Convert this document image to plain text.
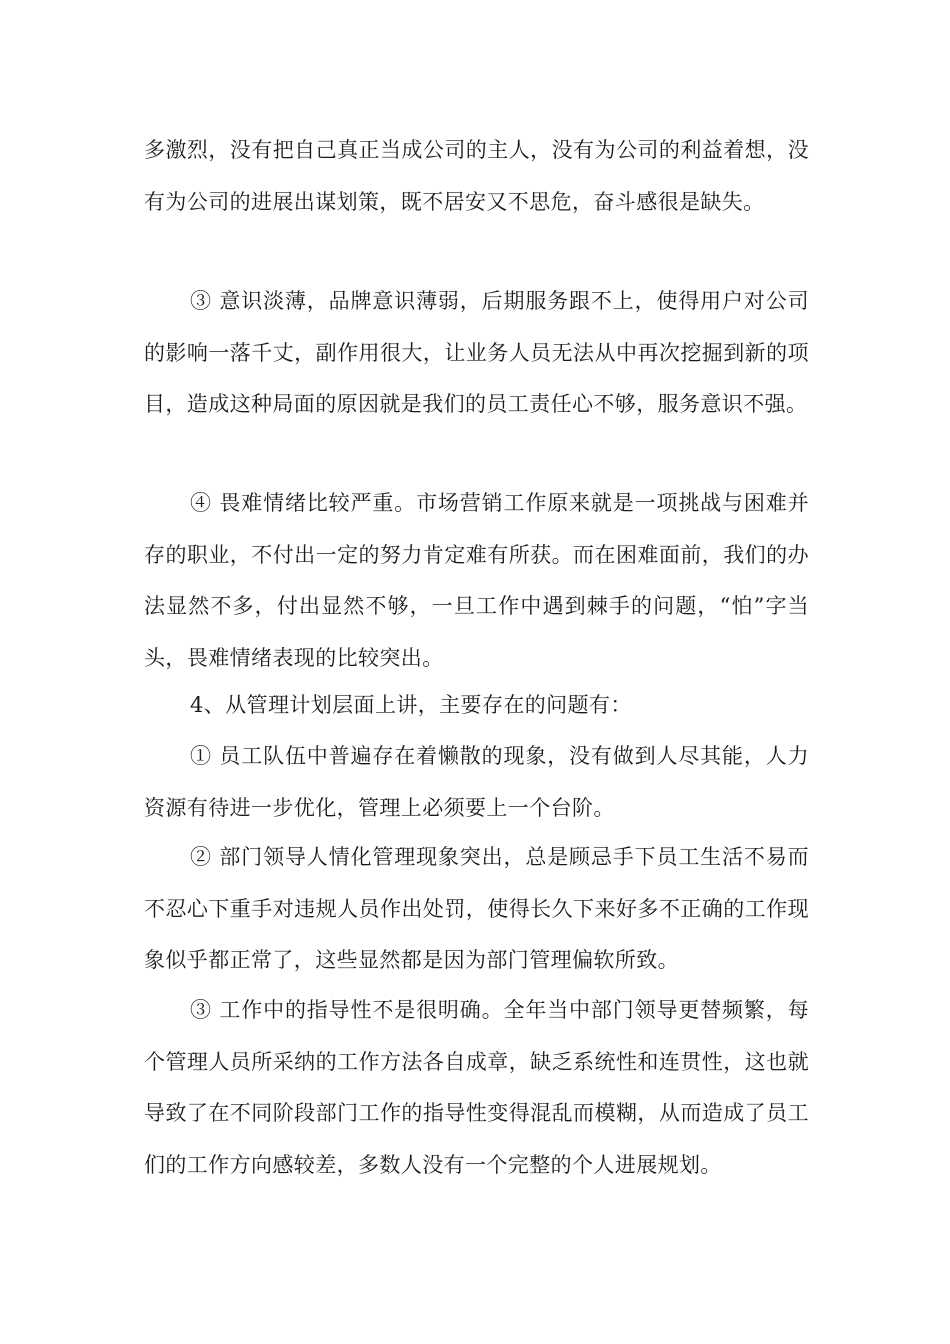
多激烈，没有把自己真正当成公司的主人，没有为公司的利益着想，没有为公司的进展出谋划策，既不居安又不思危，奋斗感很是缺失。

③ 意识淡薄，品牌意识薄弱，后期服务跟不上，使得用户对公司的影响一落千丈，副作用很大，让业务人员无法从中再次挖掘到新的项目，造成这种局面的原因就是我们的员工责任心不够，服务意识不强。

④ 畏难情绪比较严重。市场营销工作原来就是一项挑战与困难并存的职业，不付出一定的努力肯定难有所获。而在困难面前，我们的办法显然不多，付出显然不够，一旦工作中遇到棘手的问题，“怕”字当头，畏难情绪表现的比较突出。

4、从管理计划层面上讲，主要存在的问题有：

① 员工队伍中普遍存在着懒散的现象，没有做到人尽其能，人力资源有待进一步优化，管理上必须要上一个台阶。

② 部门领导人情化管理现象突出，总是顾忌手下员工生活不易而不忍心下重手对违规人员作出处罚，使得长久下来好多不正确的工作现象似乎都正常了，这些显然都是因为部门管理偏软所致。

③ 工作中的指导性不是很明确。全年当中部门领导更替频繁，每个管理人员所采纳的工作方法各自成章，缺乏系统性和连贯性，这也就导致了在不同阶段部门工作的指导性变得混乱而模糊，从而造成了员工们的工作方向感较差，多数人没有一个完整的个人进展规划。
